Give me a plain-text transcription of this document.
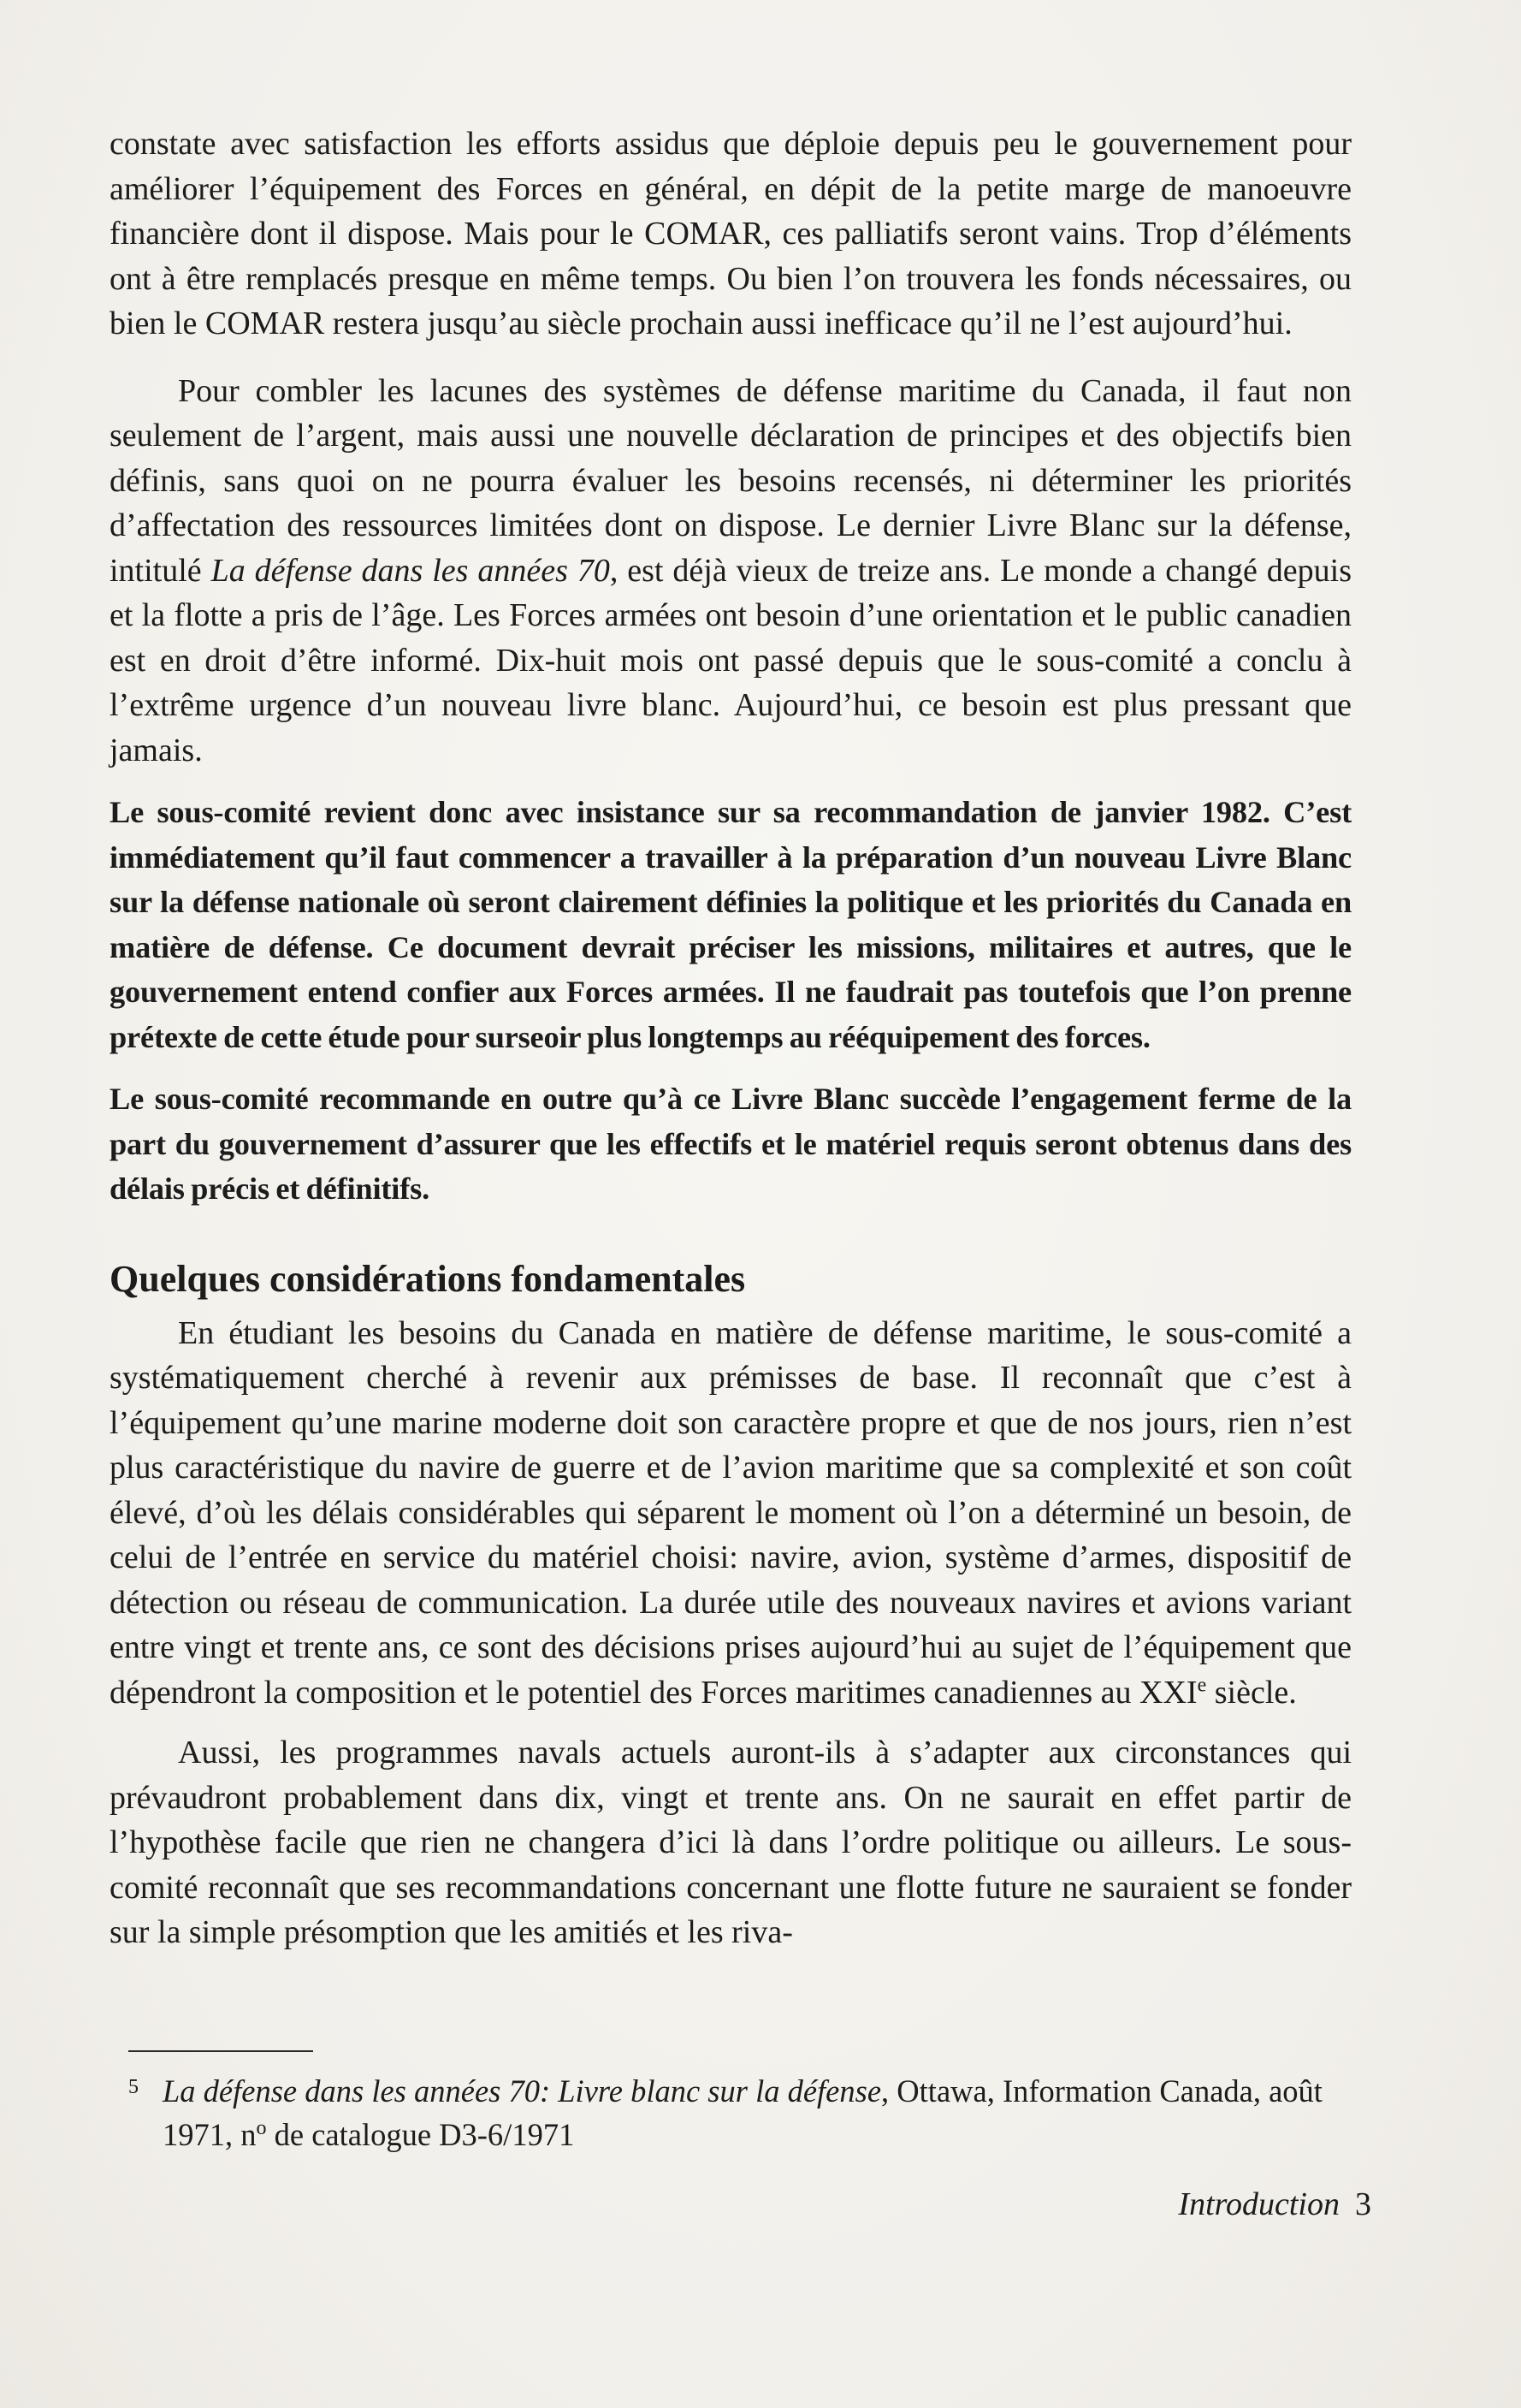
constate avec satisfaction les efforts assidus que déploie depuis peu le gouvernement pour améliorer l’équipement des Forces en général, en dépit de la petite marge de manoeuvre financière dont il dispose. Mais pour le COMAR, ces palliatifs seront vains. Trop d’éléments ont à être remplacés presque en même temps. Ou bien l’on trouvera les fonds nécessaires, ou bien le COMAR restera jusqu’au siècle prochain aussi inefficace qu’il ne l’est aujourd’hui.

Pour combler les lacunes des systèmes de défense maritime du Canada, il faut non seulement de l’argent, mais aussi une nouvelle déclaration de principes et des objectifs bien définis, sans quoi on ne pourra évaluer les besoins recensés, ni déterminer les priorités d’affectation des ressources limitées dont on dispose. Le dernier Livre Blanc sur la défense, intitulé La défense dans les années 70, est déjà vieux de treize ans. Le monde a changé depuis et la flotte a pris de l’âge. Les Forces armées ont besoin d’une orientation et le public canadien est en droit d’être informé. Dix-huit mois ont passé depuis que le sous-comité a conclu à l’extrême urgence d’un nouveau livre blanc. Aujourd’hui, ce besoin est plus pressant que jamais.

Le sous-comité revient donc avec insistance sur sa recommandation de janvier 1982. C’est immédiatement qu’il faut commencer a travailler à la préparation d’un nouveau Livre Blanc sur la défense nationale où seront clairement définies la politique et les priorités du Canada en matière de défense. Ce document devrait préciser les missions, militaires et autres, que le gouvernement entend confier aux Forces armées. Il ne faudrait pas toutefois que l’on prenne prétexte de cette étude pour surseoir plus longtemps au rééquipement des forces.

Le sous-comité recommande en outre qu’à ce Livre Blanc succède l’engagement ferme de la part du gouvernement d’assurer que les effectifs et le matériel requis seront obtenus dans des délais précis et définitifs.

Quelques considérations fondamentales

En étudiant les besoins du Canada en matière de défense maritime, le sous-comité a systématiquement cherché à revenir aux prémisses de base. Il reconnaît que c’est à l’équipement qu’une marine moderne doit son caractère propre et que de nos jours, rien n’est plus caractéristique du navire de guerre et de l’avion maritime que sa complexité et son coût élevé, d’où les délais considérables qui séparent le moment où l’on a déterminé un besoin, de celui de l’entrée en service du matériel choisi: navire, avion, système d’armes, dispositif de détection ou réseau de communication. La durée utile des nouveaux navires et avions variant entre vingt et trente ans, ce sont des décisions prises aujourd’hui au sujet de l’équipement que dépendront la composition et le potentiel des Forces maritimes canadiennes au XXIe siècle.

Aussi, les programmes navals actuels auront-ils à s’adapter aux circonstances qui prévaudront probablement dans dix, vingt et trente ans. On ne saurait en effet partir de l’hypothèse facile que rien ne changera d’ici là dans l’ordre politique ou ailleurs. Le sous-comité reconnaît que ses recommandations concernant une flotte future ne sauraient se fonder sur la simple présomption que les amitiés et les riva-

5 La défense dans les années 70: Livre blanc sur la défense, Ottawa, Information Canada, août 1971, $n^o$ de catalogue D3-6/1971
Introduction 3
